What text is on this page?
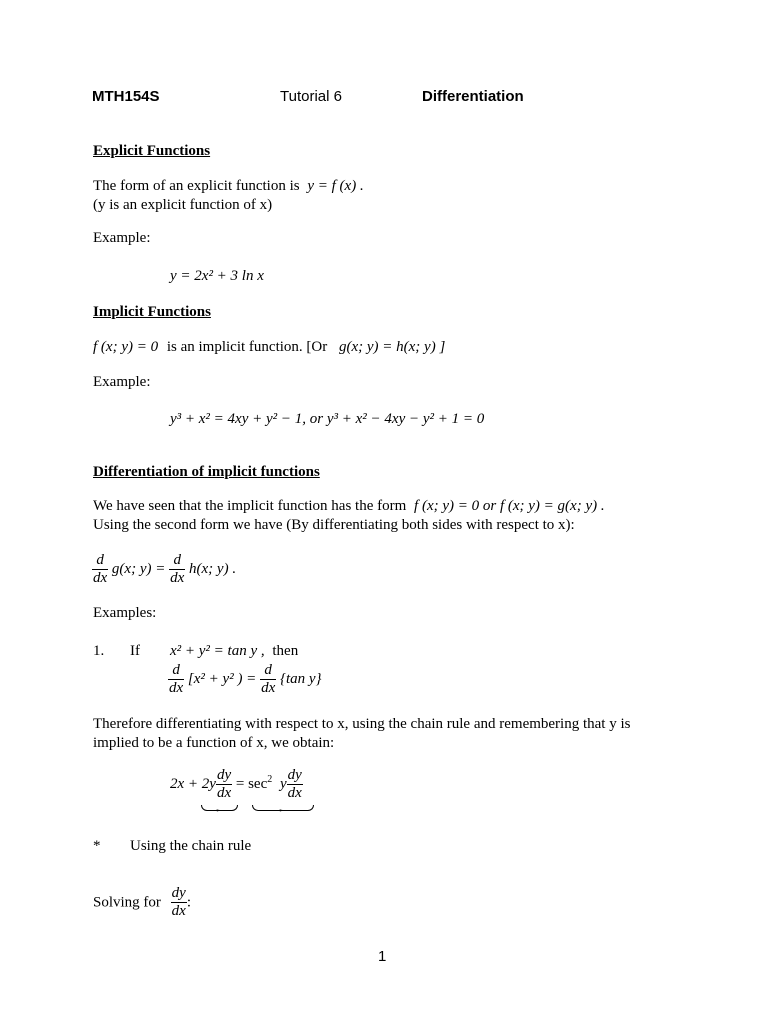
MTH154S	Tutorial 6	Differentiation
Explicit Functions
The form of an explicit function is y = f (x) .
(y is an explicit function of x)
Example:
y = 2x² + 3 ln x
Implicit Functions
f (x; y) = 0 is an implicit function. [Or g(x; y) = h(x; y) ]
Example:
y³ + x² = 4xy + y² − 1, or y³ + x² − 4xy − y² + 1 = 0
Differentiation of implicit functions
We have seen that the implicit function has the form f (x; y) = 0 or f (x; y) = g(x; y) .
Using the second form we have (By differentiating both sides with respect to x):
$\frac{d}{dx} g(x$; $y) = \frac{d}{dx} h(x$; y) .
Examples:
1. If x² + y² = tan y , then
$\frac{d}{dx} [x^2 + y^2$ ) = $\frac{d}{dx} \{\tan$ y}
Therefore differentiating with respect to x, using the chain rule and remembering that y is
implied to be a function of x, we obtain:
$2x + 2y \frac{dy}{dx} = \sec^2 y \frac{dy}{dx}$
*	*
* Using the chain rule
Solving for $\frac{dy}{dx}$ :
1
